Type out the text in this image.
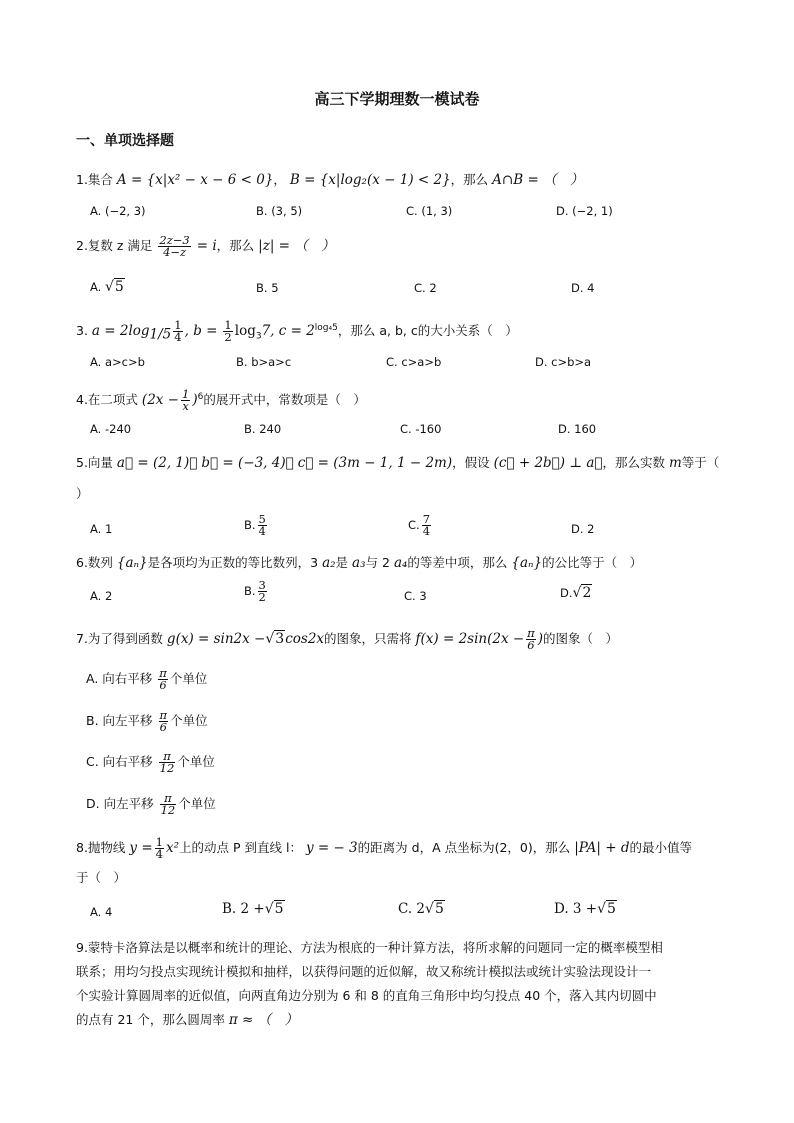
高三下学期理数一模试卷
一、单项选择题
1.集合 A = {x|x² − x − 6 < 0}， B = {x|log₂(x − 1) < 2}，那么 A∩B = （　）
A. (−2, 3)	B. (3, 5)	C. (1, 3)	D. (−2, 1)
2.复数 z 满足 $\frac{2z-3}{4-z} = i$，那么 |z| = （　）
A. √5	B. 5	C. 2	D. 4
3. $a = 2\log_{1/5} \frac{1}{4}$ , $b = \frac{1}{2} \log_37$, $c = 2^{log_45}$，那么 a, b, c的大小关系（　）
A. a>c>b	B. b>a>c	C. c>a>b	D. c>b>a
4.在二项式 $(2x - \frac{1}{x} )^6$的展开式中，常数项是（　）
A. -240	B. 240	C. -160	D. 160
5.向量 a⃗ = (2, 1)， b⃗ = (−3, 4)， c⃗ = (3m − 1, 1 − 2m)，假设 (c⃗ + 2b⃗) ⊥ a⃗，那么实数 m等于（
）
A. 1	B. $\frac{5}{4}$	C. $\frac{7}{4}$	D. 2
6.数列 {aₙ}是各项均为正数的等比数列，3 a₂是 a₃与 2 a₄的等差中项，那么 {aₙ}的公比等于（　）
A. 2	B. $\frac{3}{2}$	C. 3	D.√2
7.为了得到函数 g(x) = sin2x −√3cos2x的图象，只需将 $f(x) = 2\sin(2x - \frac{\pi}{6}$ )的图象（　）
A. 向右平移 $\frac{\pi}{6}$ 个单位
B. 向左平移 $\frac{\pi}{6}$ 个单位
C. 向右平移 $\frac{\pi}{12}$ 个单位
D. 向左平移 $\frac{\pi}{12}$ 个单位
8.抛物线 $y = \frac{1}{4} x^2$上的动点 P 到直线 l： y = − 3的距离为 d，A 点坐标为(2，0)，那么 |PA| + d的最小值等
于（　）
A. 4	B. 2 +√5	C. 2√5	D. 3 +√5
9.蒙特卡洛算法是以概率和统计的理论、方法为根底的一种计算方法，将所求解的问题同一定的概率模型相
联系；用均匀投点实现统计模拟和抽样，以获得问题的近似解，故又称统计模拟法或统计实验法现设计一
个实验计算圆周率的近似值，向两直角边分别为 6 和 8 的直角三角形中均匀投点 40 个，落入其内切圆中
的点有 21 个，那么圆周率 π ≈ （　）
